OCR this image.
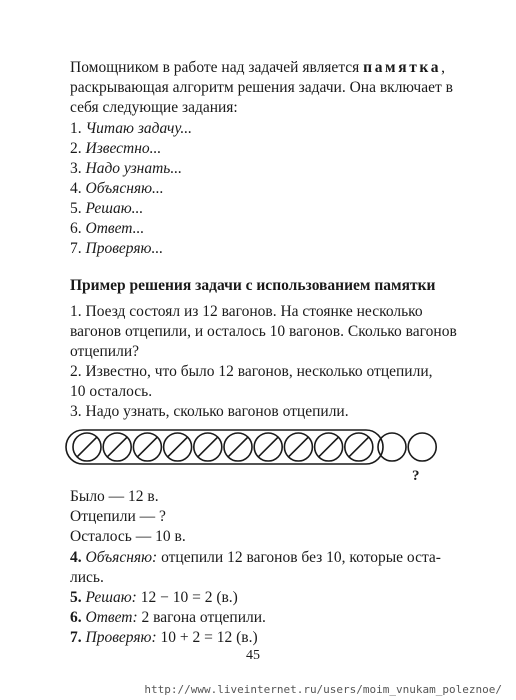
Помощником в работе над задачей является памятка,
раскрывающая алгоритм решения задачи. Она включает в
себя следующие задания:
1. Читаю задачу...
2. Известно...
3. Надо узнать...
4. Объясняю...
5. Решаю...
6. Ответ...
7. Проверяю...
Пример решения задачи с использованием памятки
1. Поезд состоял из 12 вагонов. На стоянке несколько
вагонов отцепили, и осталось 10 вагонов. Сколько вагонов
отцепили?
2. Известно, что было 12 вагонов, несколько отцепили,
10 осталось.
3. Надо узнать, сколько вагонов отцепили.
?
Было — 12 в.
Отцепили — ?
Осталось — 10 в.
4. Объясняю: отцепили 12 вагонов без 10, которые оста-
лись.
5. Решаю: 12 − 10 = 2 (в.)
6. Ответ: 2 вагона отцепили.
7. Проверяю: 10 + 2 = 12 (в.)
45
http://www.liveinternet.ru/users/moim_vnukam_poleznoe/
